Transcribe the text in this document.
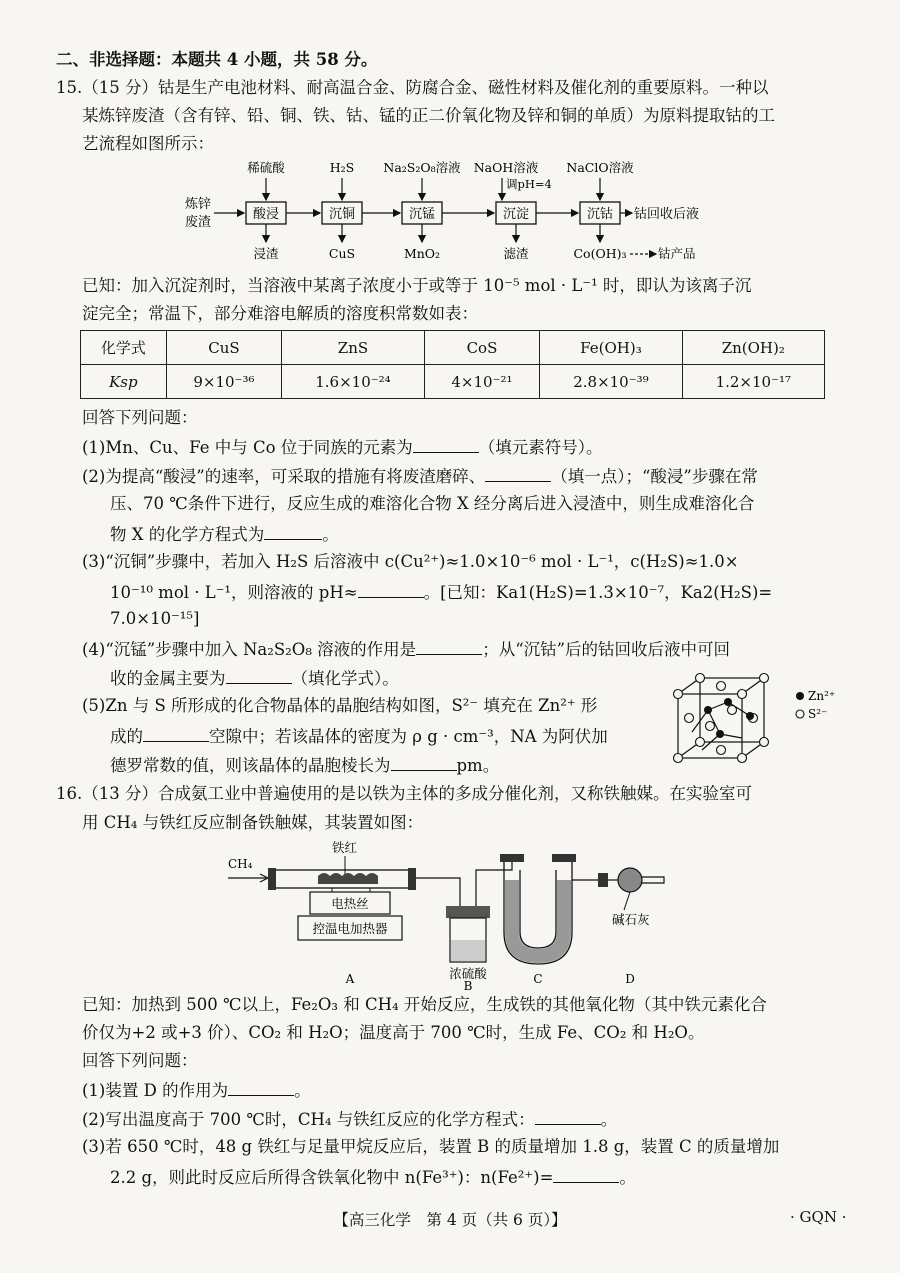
二、非选择题：本题共 4 小题，共 58 分。
15.（15 分）钴是生产电池材料、耐高温合金、防腐合金、磁性材料及催化剂的重要原料。一种以
某炼锌废渣（含有锌、铅、铜、铁、钴、锰的正二价氧化物及锌和铜的单质）为原料提取钴的工
艺流程如图所示：
炼锌
废渣
酸浸	沉铜	沉锰	沉淀	沉钴 钴回收后液
稀硫酸	H₂S Na₂S₂O₈溶液 NaOH溶液
调pH=4
NaClO溶液
浸渣	CuS	MnO₂	滤渣	Co(OH)₃	钴产品
已知：加入沉淀剂时，当溶液中某离子浓度小于或等于 10⁻⁵ mol · L⁻¹ 时，即认为该离子沉
淀完全；常温下，部分难溶电解质的溶度积常数如表：
化学式	CuS	ZnS	CoS	Fe(OH)₃	Zn(OH)₂
Ksp	9×10⁻³⁶	1.6×10⁻²⁴	4×10⁻²¹	2.8×10⁻³⁹	1.2×10⁻¹⁷
回答下列问题：
(1)Mn、Cu、Fe 中与 Co 位于同族的元素为	（填元素符号）。
(2)为提高“酸浸”的速率，可采取的措施有将废渣磨碎、	（填一点）；“酸浸”步骤在常
压、70 ℃条件下进行，反应生成的难溶化合物 X 经分离后进入浸渣中，则生成难溶化合
物 X 的化学方程式为	。
(3)“沉铜”步骤中，若加入 H₂S 后溶液中 c(Cu²⁺)≈1.0×10⁻⁶ mol · L⁻¹，c(H₂S)≈1.0×
10⁻¹⁰ mol · L⁻¹，则溶液的 pH≈	。[已知：Ka1(H₂S)=1.3×10⁻⁷，Ka2(H₂S)=
7.0×10⁻¹⁵]
(4)“沉锰”步骤中加入 Na₂S₂O₈ 溶液的作用是	；从“沉钴”后的钴回收后液中可回
收的金属主要为	（填化学式）。
(5)Zn 与 S 所形成的化合物晶体的晶胞结构如图，S²⁻ 填充在 Zn²⁺ 形
成的	空隙中；若该晶体的密度为 ρ g · cm⁻³，NA 为阿伏加
德罗常数的值，则该晶体的晶胞棱长为	pm。
Zn²⁺
S²⁻
16.（13 分）合成氨工业中普遍使用的是以铁为主体的多成分催化剂，又称铁触媒。在实验室可
用 CH₄ 与铁红反应制备铁触媒，其装置如图：
CH₄
铁红
电热丝
控温电加热器
浓硫酸
碱石灰
A	B	C	D
已知：加热到 500 ℃以上，Fe₂O₃ 和 CH₄ 开始反应，生成铁的其他氧化物（其中铁元素化合
价仅为+2 或+3 价）、CO₂ 和 H₂O；温度高于 700 ℃时，生成 Fe、CO₂ 和 H₂O。
回答下列问题：
(1)装置 D 的作用为	。
(2)写出温度高于 700 ℃时，CH₄ 与铁红反应的化学方程式：	。
(3)若 650 ℃时，48 g 铁红与足量甲烷反应后，装置 B 的质量增加 1.8 g，装置 C 的质量增加
2.2 g，则此时反应后所得含铁氧化物中 n(Fe³⁺)：n(Fe²⁺)=	。
【高三化学　第 4 页（共 6 页）】	· GQN ·
